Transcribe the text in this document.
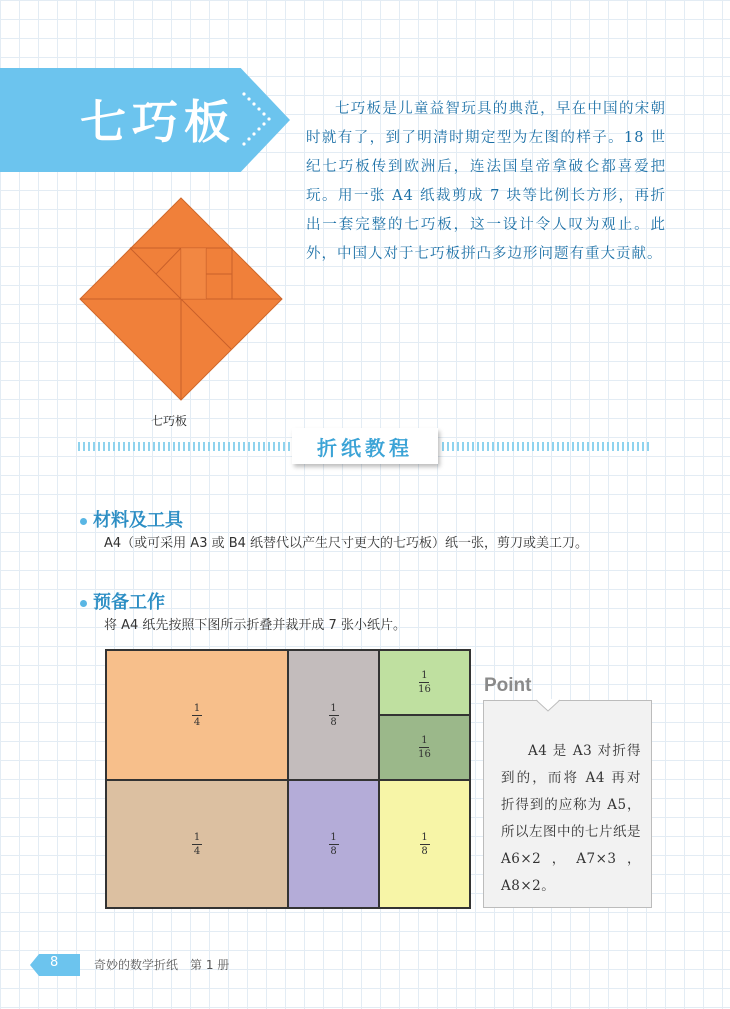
七巧板	七巧板是儿童益智玩具的典范，早在中国的宋朝时就有了，到了明清时期定型为左图的样子。18 世纪七巧板传到欧洲后，连法国皇帝拿破仑都喜爱把玩。用一张 A4 纸裁剪成 7 块等比例长方形，再折出一套完整的七巧板，这一设计令人叹为观止。此外，中国人对于七巧板拼凸多边形问题有重大贡献。
七巧板
折纸教程
材料及工具
A4（或可采用 A3 或 B4 纸替代以产生尺寸更大的七巧板）纸一张，剪刀或美工刀。
预备工作
将 A4 纸先按照下图所示折叠并裁开成 7 张小纸片。
$\frac{1}{4}$	$\frac{1}{8}$
$\frac{1}{16}$
$\frac{1}{16}$
$\frac{1}{4}$	$\frac{1}{8}$	$\frac{1}{8}$
Point
A4 是 A3 对折得到的，而将 A4 再对折得到的应称为 A5，所以左图中的七片纸是 A6×2，A7×3，A8×2。
8	奇妙的数学折纸　第 1 册
